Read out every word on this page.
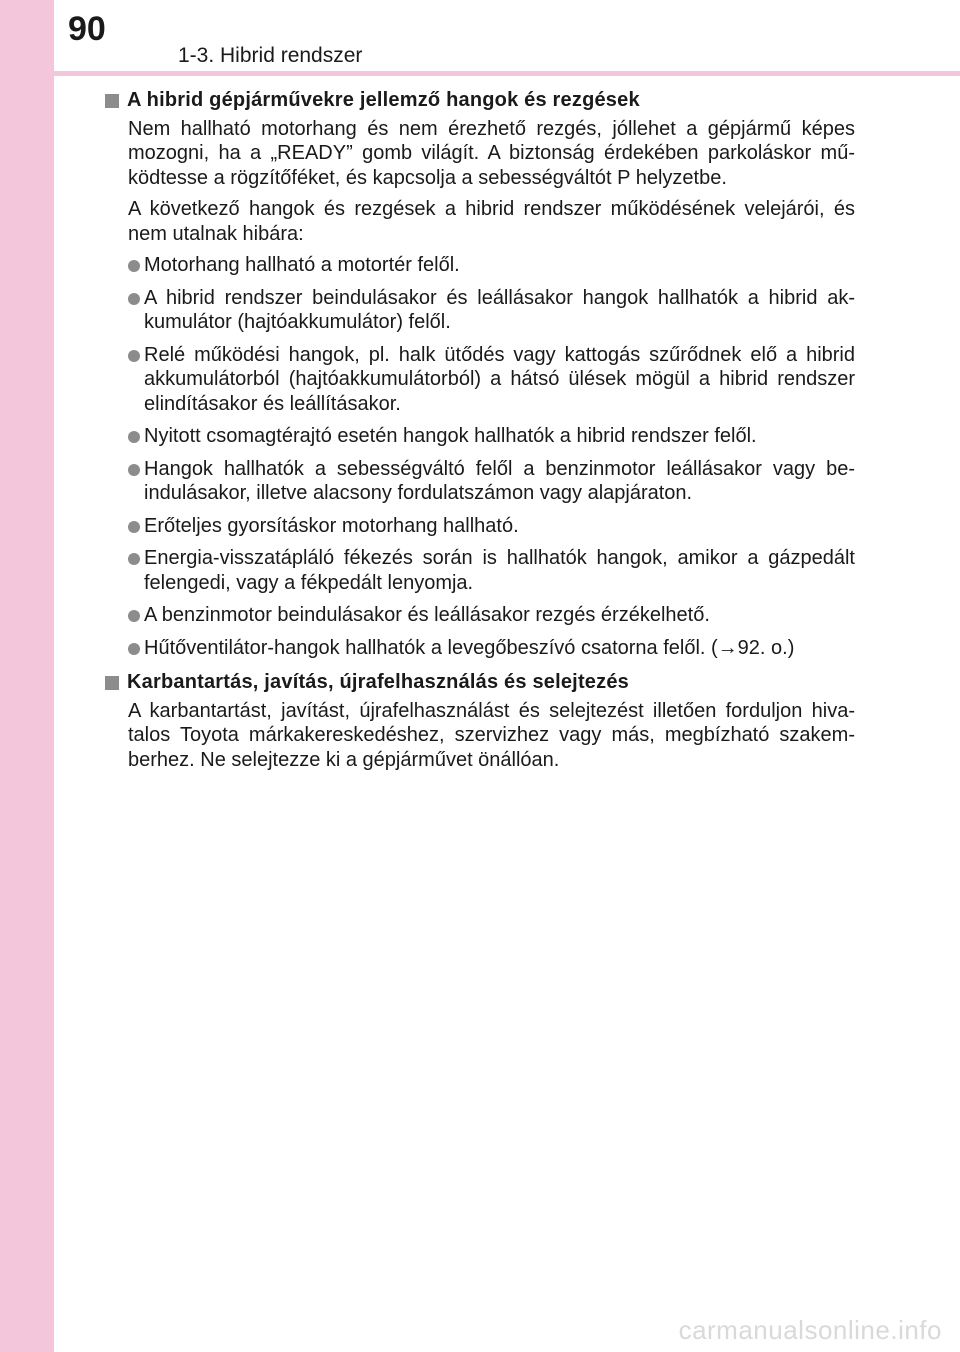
90
1-3. Hibrid rendszer
A hibrid gépjárművekre jellemző hangok és rezgések

Nem hallható motorhang és nem érezhető rezgés, jóllehet a gépjármű képes mozogni, ha a „READY” gomb világít. A biztonság érdekében parkoláskor működtesse a rögzítőféket, és kapcsolja a sebességváltót P helyzetbe.

A következő hangok és rezgések a hibrid rendszer működésének velejárói, és nem utalnak hibára:

Motorhang hallható a motortér felől.
A hibrid rendszer beindulásakor és leállásakor hangok hallhatók a hibrid akkumulátor (hajtóakkumulátor) felől.
Relé működési hangok, pl. halk ütődés vagy kattogás szűrődnek elő a hibrid akkumulátorból (hajtóakkumulátorból) a hátsó ülések mögül a hibrid rendszer elindításakor és leállításakor.
Nyitott csomagtérajtó esetén hangok hallhatók a hibrid rendszer felől.
Hangok hallhatók a sebességváltó felől a benzinmotor leállásakor vagy beindulásakor, illetve alacsony fordulatszámon vagy alapjáraton.
Erőteljes gyorsításkor motorhang hallható.
Energia-visszatápláló fékezés során is hallhatók hangok, amikor a gázpedált felengedi, vagy a fékpedált lenyomja.
A benzinmotor beindulásakor és leállásakor rezgés érzékelhető.
Hűtőventilátor-hangok hallhatók a levegőbeszívó csatorna felől. (→92. o.)
Karbantartás, javítás, újrafelhasználás és selejtezés

A karbantartást, javítást, újrafelhasználást és selejtezést illetően forduljon hivatalos Toyota márkakereskedéshez, szervizhez vagy más, megbízható szakemberhez. Ne selejtezze ki a gépjárművet önállóan.

carmanualsonline.info
